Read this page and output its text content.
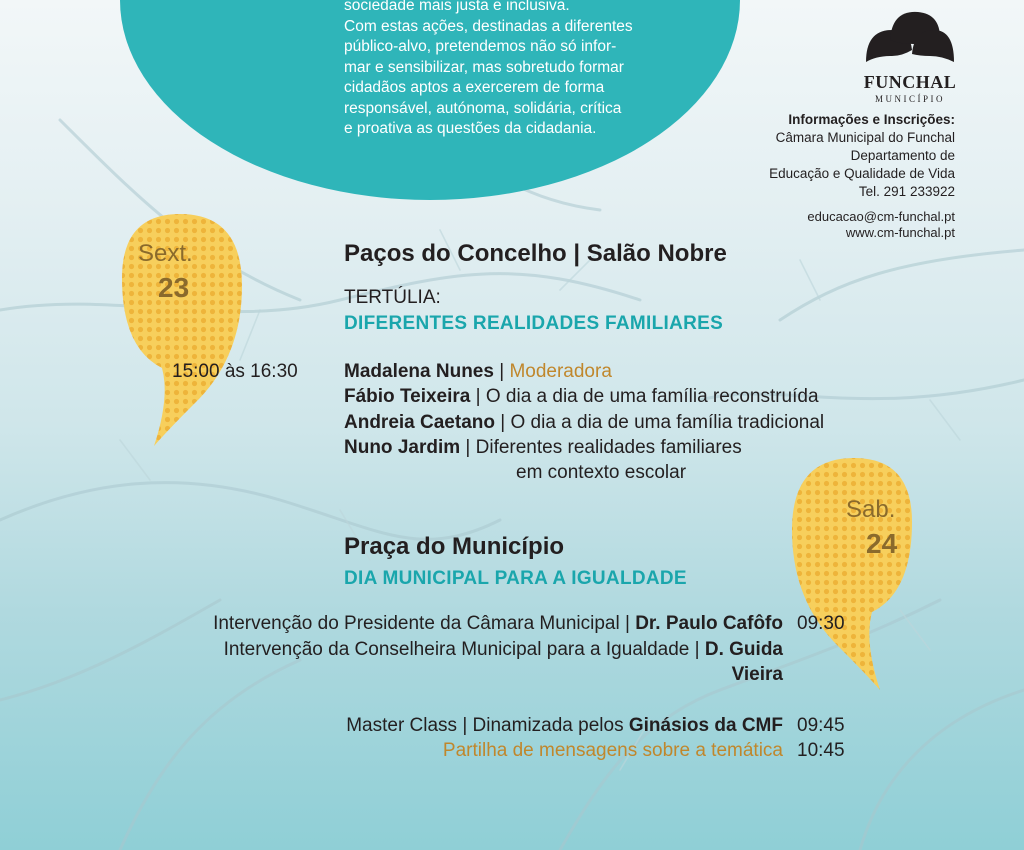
sociedade mais justa e inclusiva.
Com estas ações, destinadas a diferentes
público-alvo, pretendemos não só infor-
mar e sensibilizar, mas sobretudo formar
cidadãos aptos a exercerem de forma
responsável, autónoma, solidária, crítica
e proativa as questões da cidadania.

FUNCHAL
MUNICÍPIO
Informações e Inscrições:
Câmara Municipal do Funchal
Departamento de
Educação e Qualidade de Vida
Tel. 291 233922
educacao@cm-funchal.pt
www.cm-funchal.pt
Sext.
23
Paços do Concelho | Salão Nobre
TERTÚLIA:
DIFERENTES REALIDADES FAMILIARES
15:00 às 16:30 Madalena Nunes | Moderadora
Fábio Teixeira | O dia a dia de uma família reconstruída
Andreia Caetano | O dia a dia de uma família tradicional
Nuno Jardim | Diferentes realidades familiares
em contexto escolar
Sab.
24
Praça do Município
DIA MUNICIPAL PARA A IGUALDADE
Intervenção do Presidente da Câmara Municipal | Dr. Paulo Cafôfo 09:30
Intervenção da Conselheira Municipal para a Igualdade | D. Guida
Vieira
Master Class | Dinamizada pelos Ginásios da CMF 09:45
Partilha de mensagens sobre a temática 10:45
